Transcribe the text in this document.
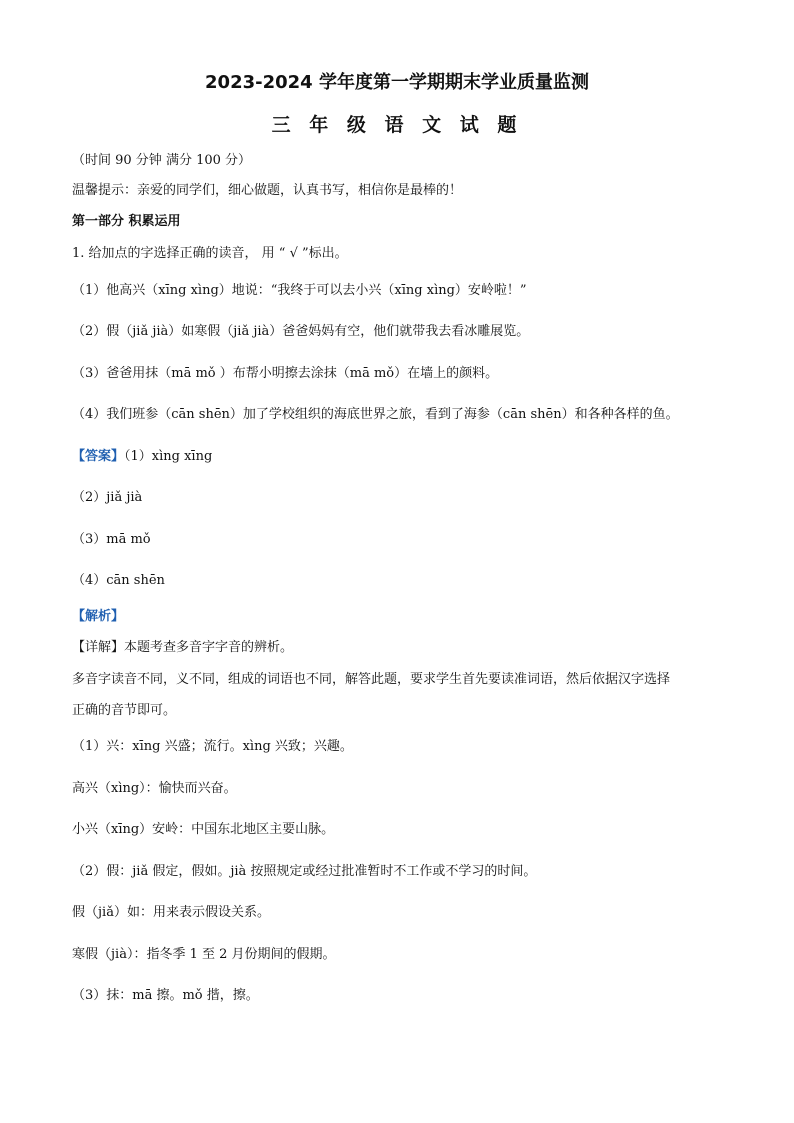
2023-2024 学年度第一学期期末学业质量监测
三 年 级 语 文 试 题
（时间 90 分钟 满分 100 分）
温馨提示：亲爱的同学们，细心做题，认真书写，相信你是最棒的！
第一部分 积累运用
1. 给加点的字选择正确的读音， 用 “ √ ”标出。
（1）他高兴（xīng xìng）地说：“我终于可以去小兴（xīng xìng）安岭啦！”
（2）假（jiǎ jià）如寒假（jiǎ jià）爸爸妈妈有空，他们就带我去看冰雕展览。
（3）爸爸用抹（mā mǒ ）布帮小明擦去涂抹（mā mǒ）在墙上的颜料。
（4）我们班参（cān shēn）加了学校组织的海底世界之旅，看到了海参（cān shēn）和各种各样的鱼。
【答案】（1）xìng xīng
（2）jiǎ jià
（3）mā mǒ
（4）cān shēn
【解析】
【详解】本题考查多音字字音的辨析。
多音字读音不同，义不同，组成的词语也不同，解答此题，要求学生首先要读准词语，然后依据汉字选择
正确的音节即可。
（1）兴：xīng 兴盛；流行。xìng 兴致；兴趣。
高兴（xìng）：愉快而兴奋。
小兴（xīng）安岭：中国东北地区主要山脉。
（2）假：jiǎ 假定，假如。jià 按照规定或经过批准暂时不工作或不学习的时间。
假（jiǎ）如：用来表示假设关系。
寒假（jià）：指冬季 1 至 2 月份期间的假期。
（3）抹：mā 擦。mǒ 揩，擦。
